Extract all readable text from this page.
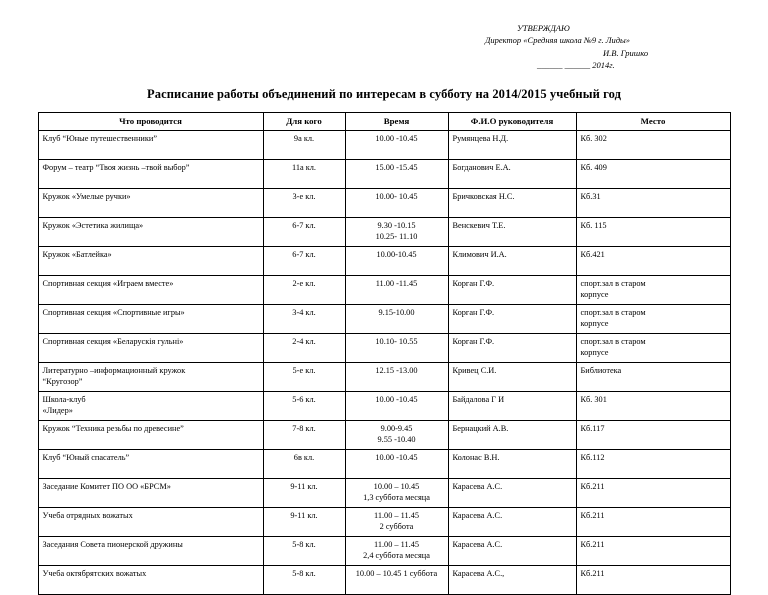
УТВЕРЖДАЮ
Директор «Средняя школа №9 г. Лиды»
И.В. Гришко
______ ______ 2014г.
Расписание работы объединений по интересам в субботу на 2014/2015 учебный год
Что проводится	Для кого	Время	Ф.И.О руководителя	Место

Клуб “Юные путешественники”	9а кл.	10.00 -10.45	Румянцева Н.Д.	Кб. 302

Форум – театр “Твоя жизнь –твой выбор”	11а кл.	15.00 -15.45	Богданович Е.А.	Кб. 409

Кружок «Умелые ручки»	3-е кл.	10.00- 10.45	Бричковская Н.С.	Кб.31

Кружок «Эстетика жилища»	6-7 кл.	9.30 -10.15
10.25- 11.10	Венскевич Т.Е.	Кб. 115

Кружок «Батлейка»	6-7 кл.	10.00-10.45	Климович И.А.	Кб.421

Спортивная секция «Играем вместе»	2-е кл.	11.00 -11.45	Корган Г.Ф.	спорт.зал в старом
корпусе

Спортивная секция «Спортивные игры»	3-4 кл.	9.15-10.00	Корган Г.Ф.	спорт.зал в старом
корпусе

Спортивная секция «Беларускія гульні»	2-4 кл.	10.10- 10.55	Корган Г.Ф.	спорт.зал в старом
корпусе

Литературно –информационный кружок
“Кругозор”	5-е кл.	12.15 -13.00	Кривец С.И.	Библиотека

Школа-клуб
«Лидер»	5-6 кл.	10.00 -10.45	Байдалова Г И	Кб. 301

Кружок “Техника резьбы по древесине”	7-8 кл.	9.00-9.45
9.55 -10.40	Бернацкий А.В.	Кб.117

Клуб “Юный спасатель”	6в кл.	10.00 -10.45	Колонас В.Н.	Кб.112

Заседание Комитет ПО ОО «БРСМ»	9-11 кл.	10.00 – 10.45
1,3 суббота месяца	Карасева А.С.	Кб.211

Учеба отрядных вожатых	9-11 кл.	11.00 – 11.45
2 суббота	Карасева А.С.	Кб.211

Заседания Совета пионерской дружины	5-8 кл.	11.00 – 11.45
2,4 суббота месяца	Карасева А.С.	Кб.211

Учеба октябрятских вожатых	5-8 кл.	10.00 – 10.45 1 суббота	Карасева А.С.,	Кб.211
